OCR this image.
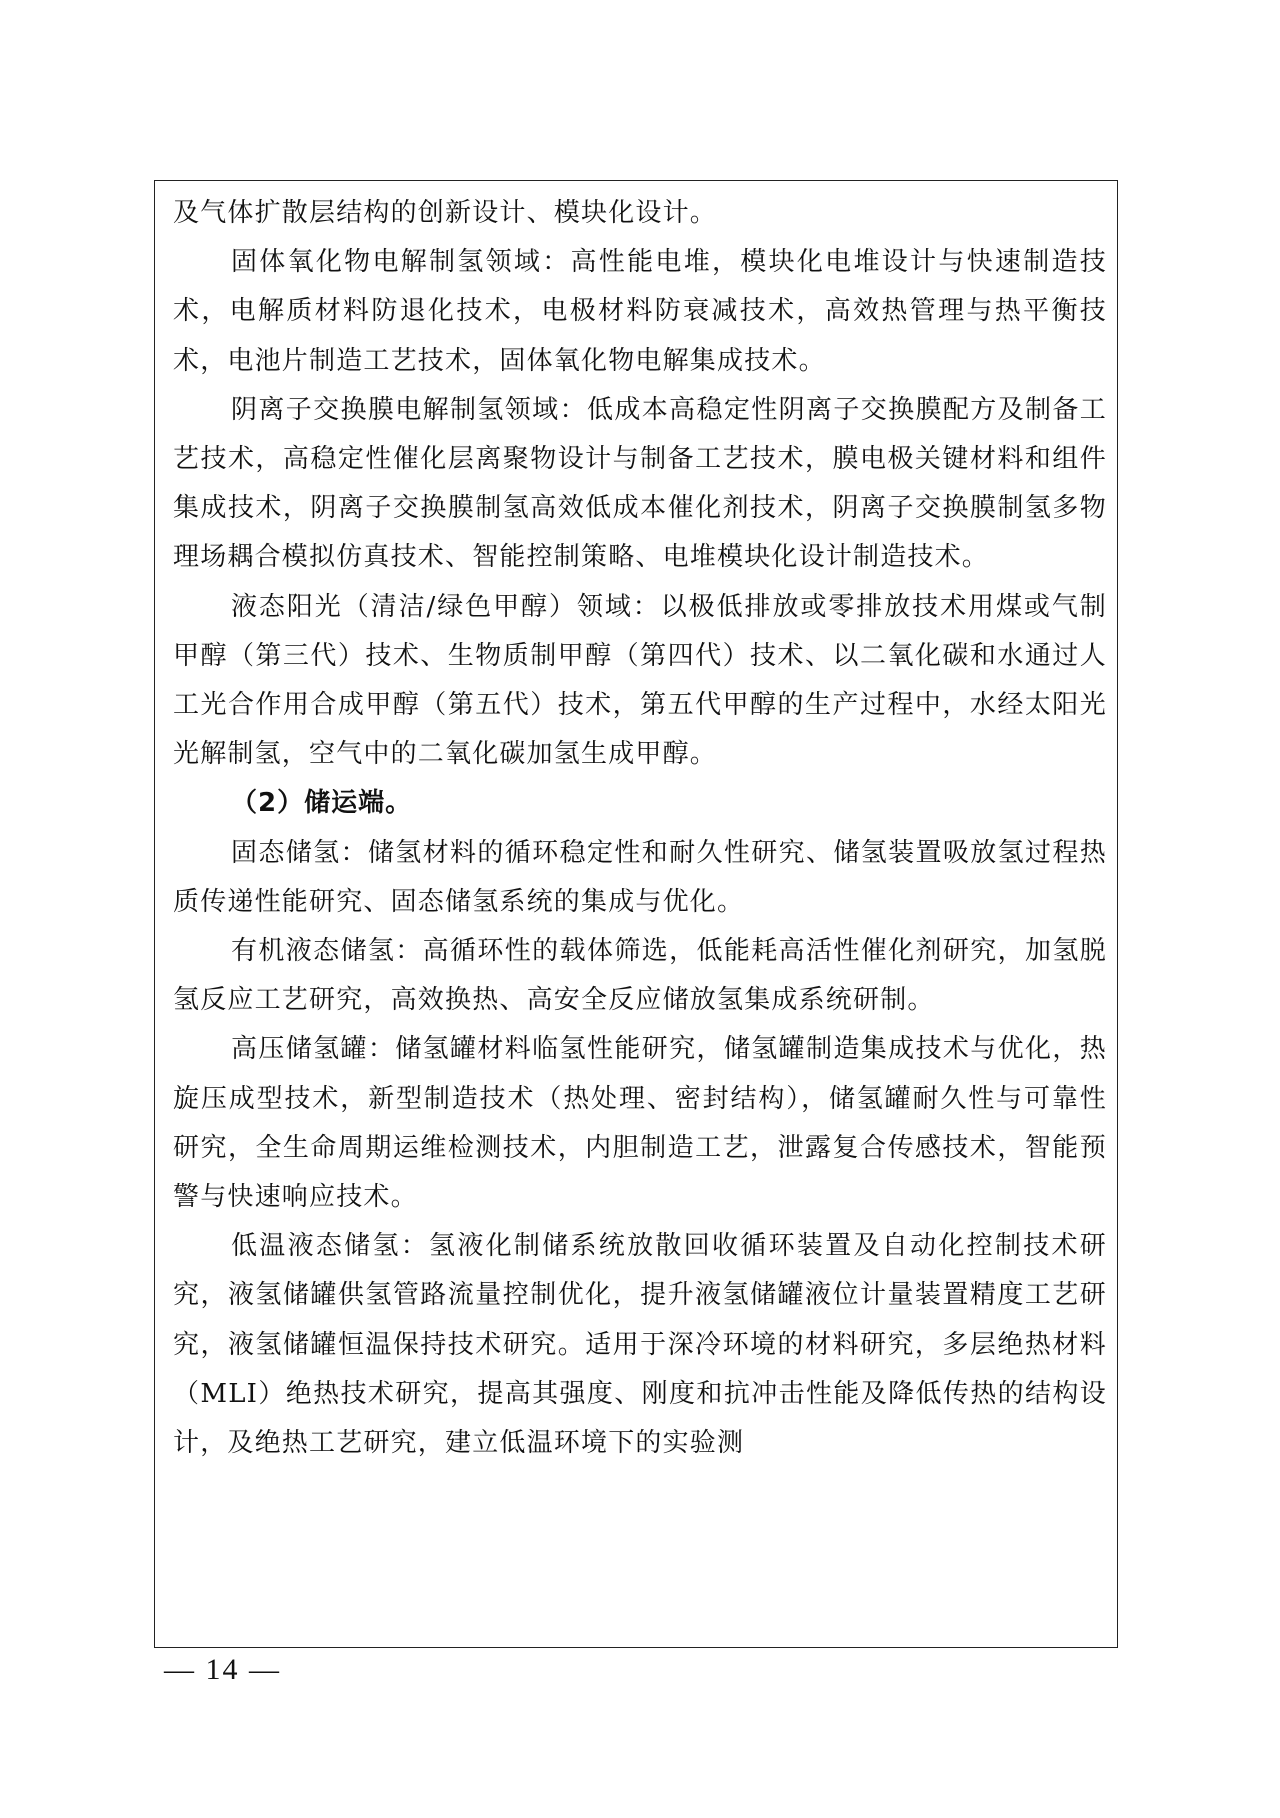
及气体扩散层结构的创新设计、模块化设计。

固体氧化物电解制氢领域：高性能电堆，模块化电堆设计与快速制造技术，电解质材料防退化技术，电极材料防衰减技术，高效热管理与热平衡技术，电池片制造工艺技术，固体氧化物电解集成技术。

阴离子交换膜电解制氢领域：低成本高稳定性阴离子交换膜配方及制备工艺技术，高稳定性催化层离聚物设计与制备工艺技术，膜电极关键材料和组件集成技术，阴离子交换膜制氢高效低成本催化剂技术，阴离子交换膜制氢多物理场耦合模拟仿真技术、智能控制策略、电堆模块化设计制造技术。

液态阳光（清洁/绿色甲醇）领域：以极低排放或零排放技术用煤或气制甲醇（第三代）技术、生物质制甲醇（第四代）技术、以二氧化碳和水通过人工光合作用合成甲醇（第五代）技术，第五代甲醇的生产过程中，水经太阳光光解制氢，空气中的二氧化碳加氢生成甲醇。

（2）储运端。

固态储氢：储氢材料的循环稳定性和耐久性研究、储氢装置吸放氢过程热质传递性能研究、固态储氢系统的集成与优化。

有机液态储氢：高循环性的载体筛选，低能耗高活性催化剂研究，加氢脱氢反应工艺研究，高效换热、高安全反应储放氢集成系统研制。

高压储氢罐：储氢罐材料临氢性能研究，储氢罐制造集成技术与优化，热旋压成型技术，新型制造技术（热处理、密封结构），储氢罐耐久性与可靠性研究，全生命周期运维检测技术，内胆制造工艺，泄露复合传感技术，智能预警与快速响应技术。

低温液态储氢：氢液化制储系统放散回收循环装置及自动化控制技术研究，液氢储罐供氢管路流量控制优化，提升液氢储罐液位计量装置精度工艺研究，液氢储罐恒温保持技术研究。适用于深冷环境的材料研究，多层绝热材料（MLI）绝热技术研究，提高其强度、刚度和抗冲击性能及降低传热的结构设计，及绝热工艺研究，建立低温环境下的实验测

— 14 —
